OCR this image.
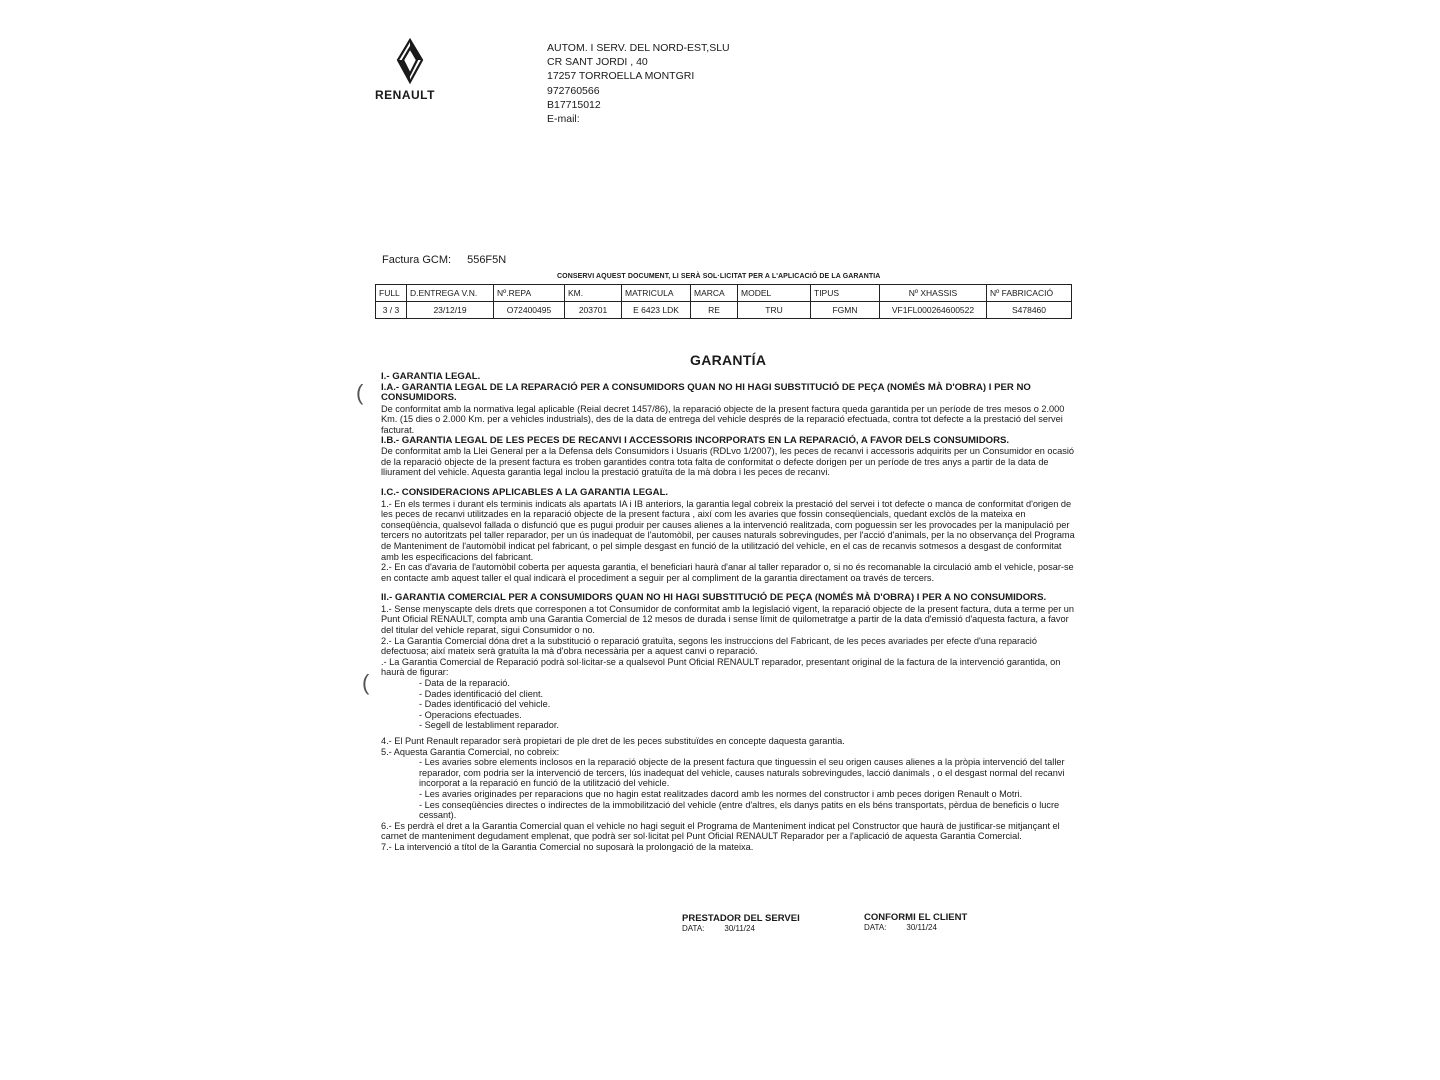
RENAULT
AUTOM. I SERV. DEL NORD-EST,SLU
CR SANT JORDI , 40
17257 TORROELLA MONTGRI
972760566
B17715012
E-mail:
Factura GCM: 556F5N
CONSERVI AQUEST DOCUMENT, LI SERÀ SOL·LICITAT PER A L'APLICACIÓ DE LA GARANTIA
FULL	D.ENTREGA V.N.	Nº.REPA	KM.	MATRICULA	MARCA	MODEL	TIPUS	Nº XHASSIS	Nº FABRICACIÓ
3 / 3	23/12/19	O72400495	203701	E 6423 LDK	RE	TRU	FGMN	VF1FL000264600522	S478460
GARANTÍA
(
(
I.- GARANTIA LEGAL.
I.A.- GARANTIA LEGAL DE LA REPARACIÓ PER A CONSUMIDORS QUAN NO HI HAGI SUBSTITUCIÓ DE PEÇA (NOMÉS MÀ D'OBRA) I PER NO CONSUMIDORS.

De conformitat amb la normativa legal aplicable (Reial decret 1457/86), la reparació objecte de la present factura queda garantida per un període de tres mesos o 2.000 Km. (15 dies o 2.000 Km. per a vehicles industrials), des de la data de entrega del vehicle després de la reparació efectuada, contra tot defecte a la prestació del servei facturat.

I.B.- GARANTIA LEGAL DE LES PECES DE RECANVI I ACCESSORIS INCORPORATS EN LA REPARACIÓ, A FAVOR DELS CONSUMIDORS.

De conformitat amb la Llei General per a la Defensa dels Consumidors i Usuaris (RDLvo 1/2007), les peces de recanvi i accessoris adquirits per un Consumidor en ocasió de la reparació objecte de la present factura es troben garantides contra tota falta de conformitat o defecte dorigen per un període de tres anys a partir de la data de lliurament del vehicle. Aquesta garantia legal inclou la prestació gratuïta de la mà dobra i les peces de recanvi.

I.C.- CONSIDERACIONS APLICABLES A LA GARANTIA LEGAL.

1.- En els termes i durant els terminis indicats als apartats IA i IB anteriors, la garantia legal cobreix la prestació del servei i tot defecte o manca de conformitat d'origen de les peces de recanvi utilitzades en la reparació objecte de la present factura , així com les avaries que fossin conseqüencials, quedant exclòs de la mateixa en conseqüència, qualsevol fallada o disfunció que es pugui produir per causes alienes a la intervenció realitzada, com poguessin ser les provocades per la manipulació per tercers no autoritzats pel taller reparador, per un ús inadequat de l'automòbil, per causes naturals sobrevingudes, per l'acció d'animals, per la no observança del Programa de Manteniment de l'automòbil indicat pel fabricant, o pel simple desgast en funció de la utilització del vehicle, en el cas de recanvis sotmesos a desgast de conformitat amb les especificacions del fabricant.

2.- En cas d'avaria de l'automòbil coberta per aquesta garantia, el beneficiari haurà d'anar al taller reparador o, si no és recomanable la circulació amb el vehicle, posar-se en contacte amb aquest taller el qual indicarà el procediment a seguir per al compliment de la garantia directament oa través de tercers.

II.- GARANTIA COMERCIAL PER A CONSUMIDORS QUAN NO HI HAGI SUBSTITUCIÓ DE PEÇA (NOMÉS MÀ D'OBRA) I PER A NO CONSUMIDORS.

1.- Sense menyscapte dels drets que corresponen a tot Consumidor de conformitat amb la legislació vigent, la reparació objecte de la present factura, duta a terme per un Punt Oficial RENAULT, compta amb una Garantia Comercial de 12 mesos de durada i sense límit de quilometratge a partir de la data d'emissió d'aquesta factura, a favor del titular del vehicle reparat, sigui Consumidor o no.

2.- La Garantia Comercial dóna dret a la substitució o reparació gratuïta, segons les instruccions del Fabricant, de les peces avariades per efecte d'una reparació defectuosa; així mateix serà gratuïta la mà d'obra necessària per a aquest canvi o reparació.

.- La Garantia Comercial de Reparació podrà sol·licitar-se a qualsevol Punt Oficial RENAULT reparador, presentant original de la factura de la intervenció garantida, on haurà de figurar:

- Data de la reparació.
- Dades identificació del client.
- Dades identificació del vehicle.
- Operacions efectuades.
- Segell de lestabliment reparador.

4.- El Punt Renault reparador serà propietari de ple dret de les peces substituïdes en concepte daquesta garantia.

5.- Aquesta Garantia Comercial, no cobreix:

- Les avaries sobre elements inclosos en la reparació objecte de la present factura que tinguessin el seu origen causes alienes a la pròpia intervenció del taller reparador, com podria ser la intervenció de tercers, lús inadequat del vehicle, causes naturals sobrevingudes, lacció danimals , o el desgast normal del recanvi incorporat a la reparació en funció de la utilització del vehicle.
- Les avaries originades per reparacions que no hagin estat realitzades dacord amb les normes del constructor i amb peces dorigen Renault o Motri.
- Les conseqüències directes o indirectes de la immobilització del vehicle (entre d'altres, els danys patits en els béns transportats, pèrdua de beneficis o lucre cessant).

6.- Es perdrà el dret a la Garantia Comercial quan el vehicle no hagi seguit el Programa de Manteniment indicat pel Constructor que haurà de justificar-se mitjançant el carnet de manteniment degudament emplenat, que podrà ser sol·licitat pel Punt Oficial RENAULT Reparador per a l'aplicació de aquesta Garantia Comercial.

7.- La intervenció a títol de la Garantia Comercial no suposarà la prolongació de la mateixa.

PRESTADOR DEL SERVEI
DATA:	30/11/24
CONFORMI EL CLIENT
DATA:	30/11/24
